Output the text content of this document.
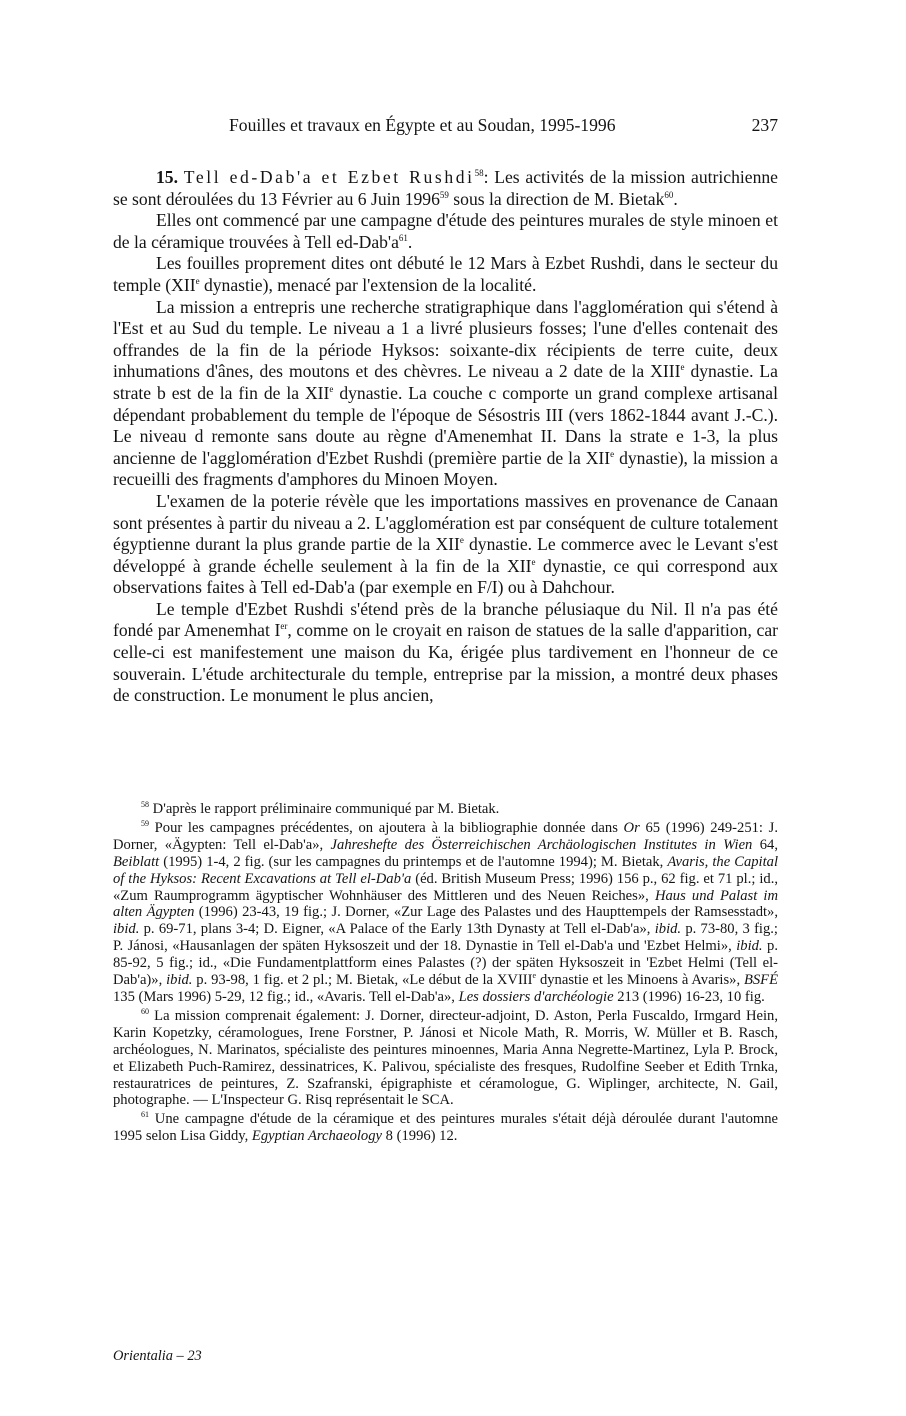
Fouilles et travaux en Égypte et au Soudan, 1995-1996	237

15. Tell ed-Dab'a et Ezbet Rushdi$^{58}$: Les activités de la mission autrichienne se sont déroulées du 13 Février au 6 Juin 1996$^{59}$ sous la direction de M. Bietak$^{60}$.

Elles ont commencé par une campagne d'étude des peintures murales de style minoen et de la céramique trouvées à Tell $ed-Dab'a^{61}$.

Les fouilles proprement dites ont débuté le 12 Mars à Ezbet Rushdi, dans le secteur du temple (XIIe dynastie), menacé par l'extension de la localité.

La mission a entrepris une recherche stratigraphique dans l'agglomération qui s'étend à l'Est et au Sud du temple. Le niveau a 1 a livré plusieurs fosses; l'une d'elles contenait des offrandes de la fin de la période Hyksos: soixante-dix récipients de terre cuite, deux inhumations d'ânes, des moutons et des chèvres. Le niveau a 2 date de la XIIIe dynastie. La strate b est de la fin de la XIIe dynastie. La couche c comporte un grand complexe artisanal dépendant probablement du temple de l'époque de Sésostris III (vers 1862-1844 avant J.-C.). Le niveau d remonte sans doute au règne d'Amenemhat II. Dans la strate e 1-3, la plus ancienne de l'agglomération d'Ezbet Rushdi (première partie de la XIIe dynastie), la mission a recueilli des fragments d'amphores du Minoen Moyen.

L'examen de la poterie révèle que les importations massives en provenance de Canaan sont présentes à partir du niveau a 2. L'agglomération est par conséquent de culture totalement égyptienne durant la plus grande partie de la XIIe dynastie. Le commerce avec le Levant s'est développé à grande échelle seulement à la fin de la XIIe dynastie, ce qui correspond aux observations faites à Tell ed-Dab'a (par exemple en F/I) ou à Dahchour.

Le temple d'Ezbet Rushdi s'étend près de la branche pélusiaque du Nil. Il n'a pas été fondé par Amenemhat Ier, comme on le croyait en raison de statues de la salle d'apparition, car celle-ci est manifestement une maison du Ka, érigée plus tardivement en l'honneur de ce souverain. L'étude architecturale du temple, entreprise par la mission, a montré deux phases de construction. Le monument le plus ancien,

$^{58}$ D'après le rapport préliminaire communiqué par M. Bietak.

$^{59}$ Pour les campagnes précédentes, on ajoutera à la bibliographie donnée dans Or 65 (1996) 249-251: J. Dorner, «Ägypten: Tell el-Dab'a», Jahreshefte des Österreichischen Archäologischen Institutes in Wien 64, Beiblatt (1995) 1-4, 2 fig. (sur les campagnes du printemps et de l'automne 1994); M. Bietak, Avaris, the Capital of the Hyksos: Recent Excavations at Tell el-Dab'a (éd. British Museum Press; 1996) 156 p., 62 fig. et 71 pl.; id., «Zum Raumprogramm ägyptischer Wohnhäuser des Mittleren und des Neuen Reiches», Haus und Palast im alten Ägypten (1996) 23-43, 19 fig.; J. Dorner, «Zur Lage des Palastes und des Haupttempels der Ramsesstadt», ibid. p. 69-71, plans 3-4; D. Eigner, «A Palace of the Early 13th Dynasty at Tell el-Dab'a», ibid. p. 73-80, 3 fig.; P. Jánosi, «Hausanlagen der späten Hyksoszeit und der 18. Dynastie in Tell el-Dab'a und 'Ezbet Helmi», ibid. p. 85-92, 5 fig.; id., «Die Fundamentplattform eines Palastes (?) der späten Hyksoszeit in 'Ezbet Helmi (Tell el-Dab'a)», ibid. p. 93-98, 1 fig. et 2 pl.; M. Bietak, «Le début de la XVIIIe dynastie et les Minoens à Avaris», BSFÉ 135 (Mars 1996) 5-29, 12 fig.; id., «Avaris. Tell el-Dab'a», Les dossiers d'archéologie 213 (1996) 16-23, 10 fig.

$^{60}$ La mission comprenait également: J. Dorner, directeur-adjoint, D. Aston, Perla Fuscaldo, Irmgard Hein, Karin Kopetzky, céramologues, Irene Forstner, P. Jánosi et Nicole Math, R. Morris, W. Müller et B. Rasch, archéologues, N. Marinatos, spécialiste des peintures minoennes, Maria Anna Negrette-Martinez, Lyla P. Brock, et Elizabeth Puch-Ramirez, dessinatrices, K. Palivou, spécialiste des fresques, Rudolfine Seeber et Edith Trnka, restauratrices de peintures, Z. Szafranski, épigraphiste et céramologue, G. Wiplinger, architecte, N. Gail, photographe. — L'Inspecteur G. Risq représentait le SCA.

$^{61}$ Une campagne d'étude de la céramique et des peintures murales s'était déjà déroulée durant l'automne 1995 selon Lisa Giddy, Egyptian Archaeology 8 (1996) 12.

Orientalia – 23
